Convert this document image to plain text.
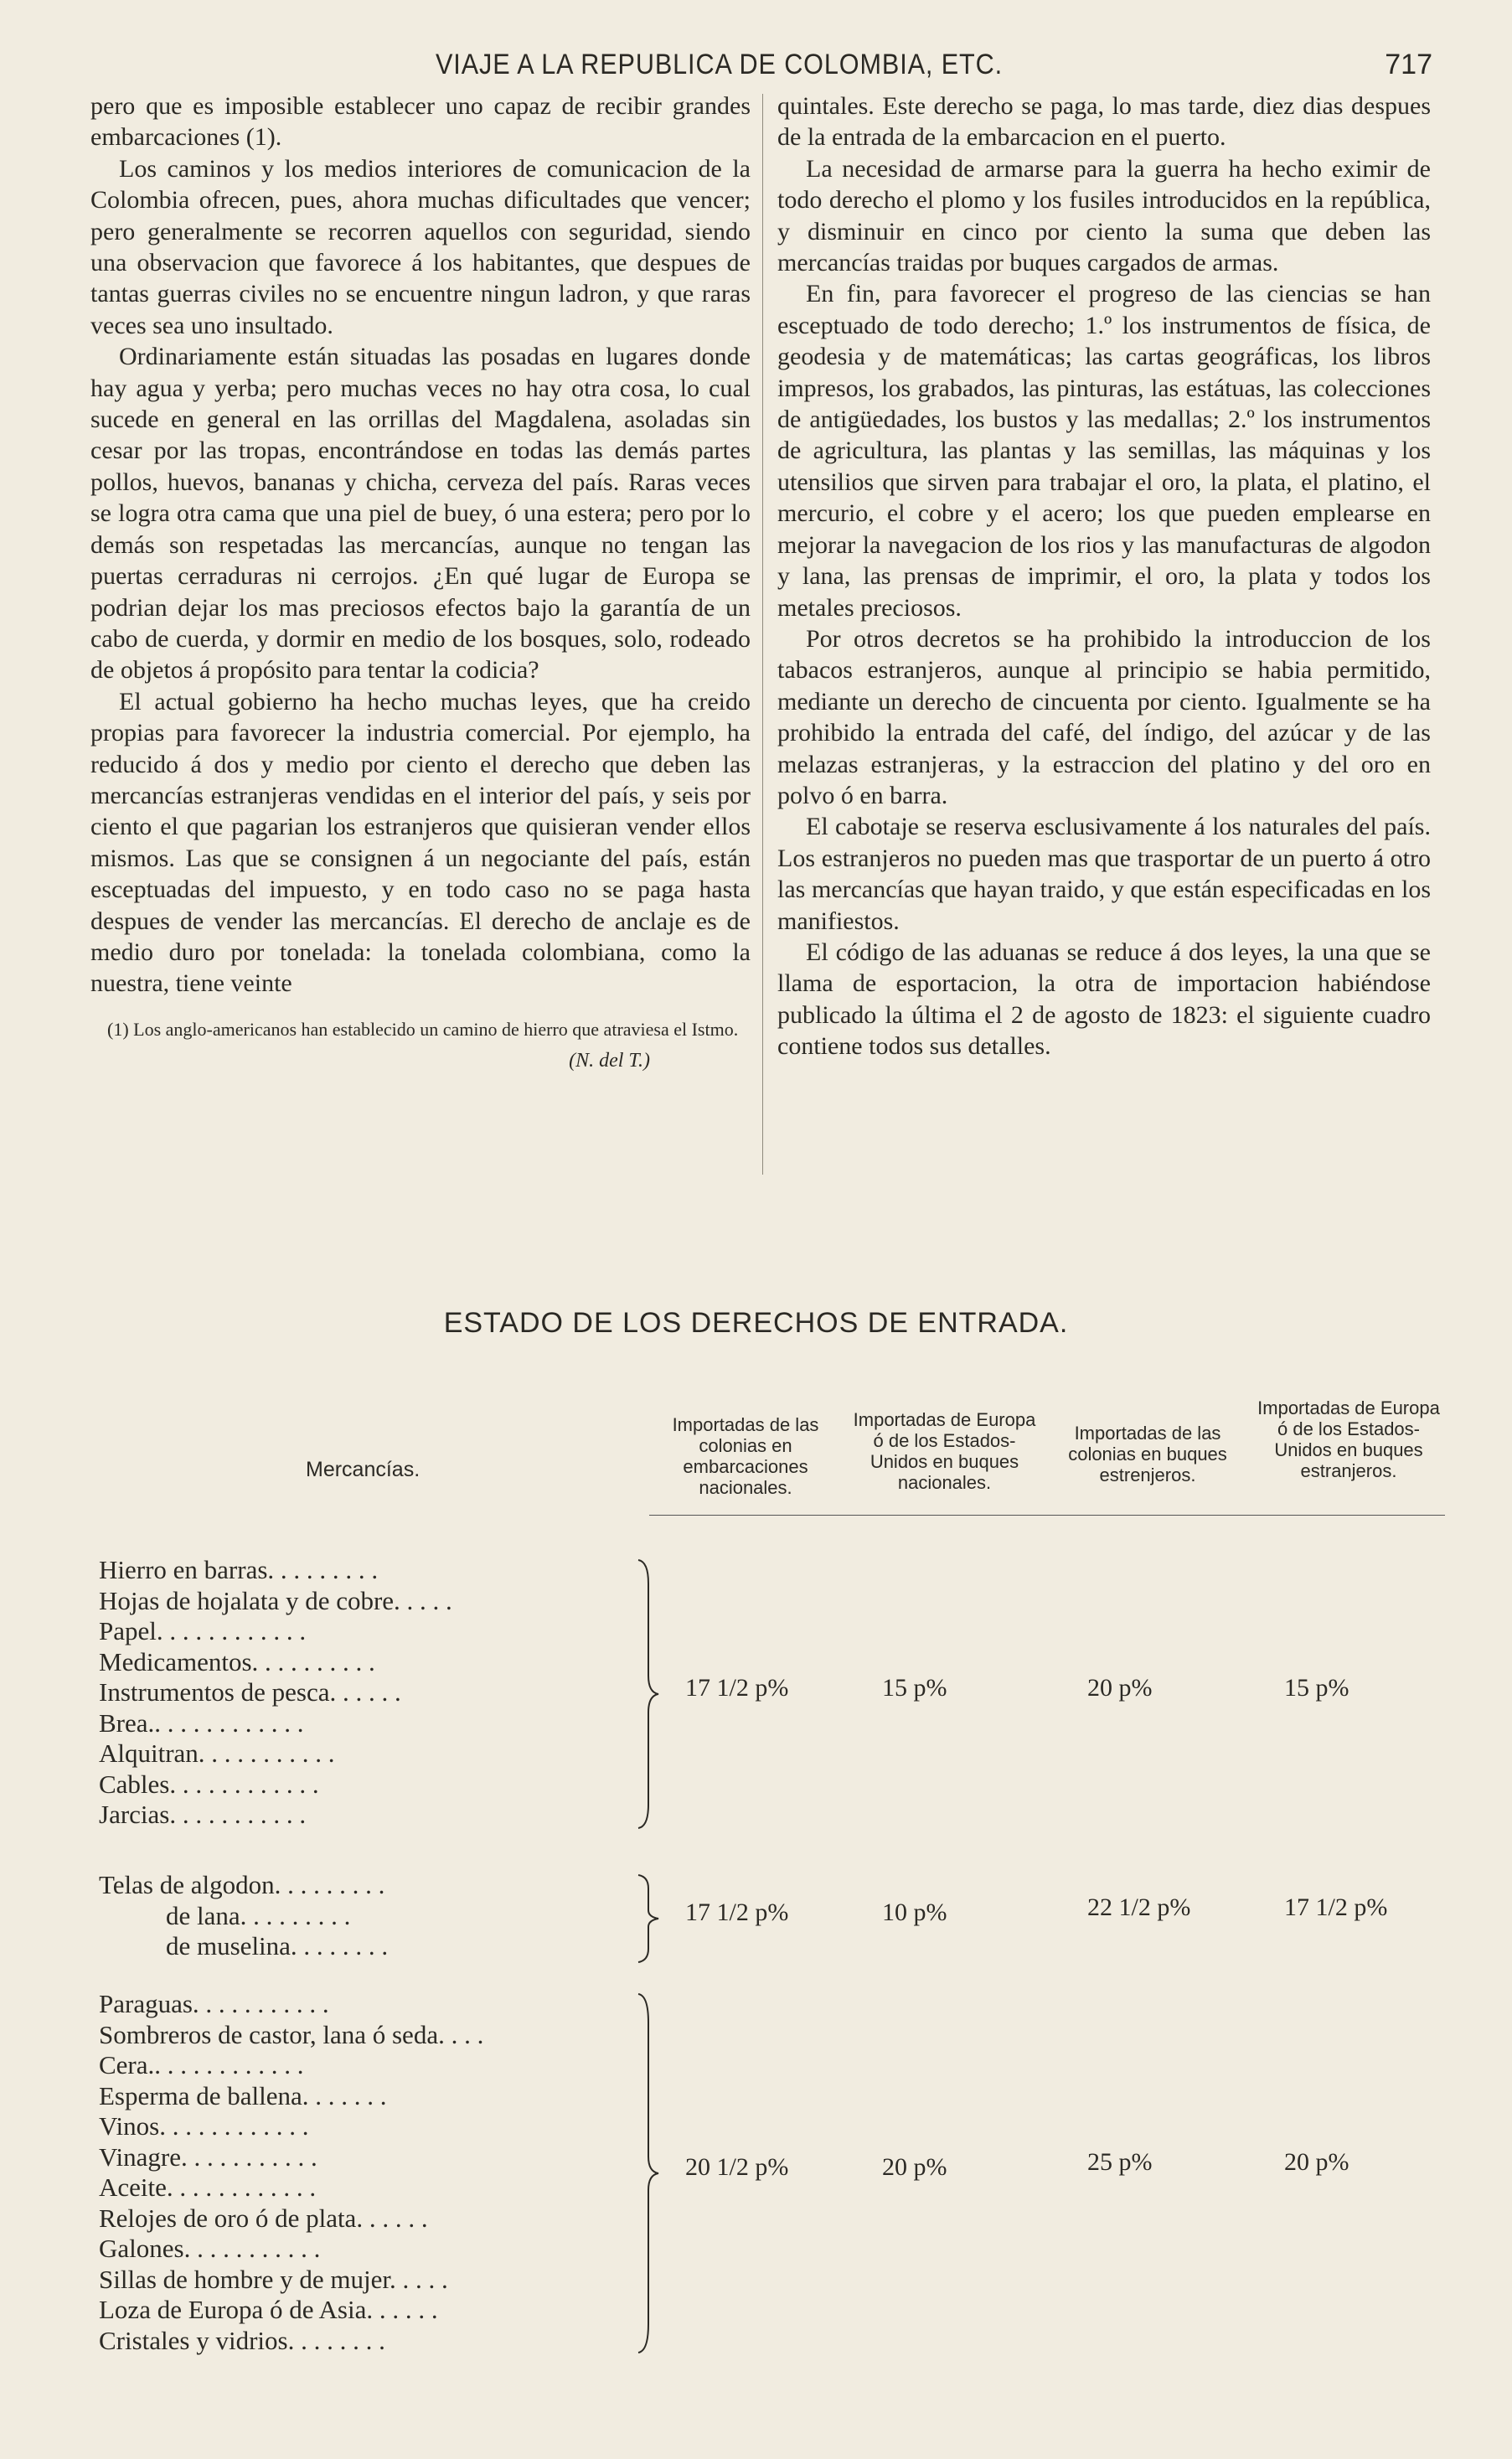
VIAJE A LA REPUBLICA DE COLOMBIA, ETC.	717

pero que es imposible establecer uno capaz de recibir grandes embarcaciones (1).

Los caminos y los medios interiores de comunicacion de la Colombia ofrecen, pues, ahora muchas dificultades que vencer; pero generalmente se recorren aquellos con seguridad, siendo una observacion que favorece á los habitantes, que despues de tantas guerras civiles no se encuentre ningun ladron, y que raras veces sea uno insultado.

Ordinariamente están situadas las posadas en lugares donde hay agua y yerba; pero muchas veces no hay otra cosa, lo cual sucede en general en las orrillas del Magdalena, asoladas sin cesar por las tropas, encontrándose en todas las demás partes pollos, huevos, bananas y chicha, cerveza del país. Raras veces se logra otra cama que una piel de buey, ó una estera; pero por lo demás son respetadas las mercancías, aunque no tengan las puertas cerraduras ni cerrojos. ¿En qué lugar de Europa se podrian dejar los mas preciosos efectos bajo la garantía de un cabo de cuerda, y dormir en medio de los bosques, solo, rodeado de objetos á propósito para tentar la codicia?

El actual gobierno ha hecho muchas leyes, que ha creido propias para favorecer la industria comercial. Por ejemplo, ha reducido á dos y medio por ciento el derecho que deben las mercancías estranjeras vendidas en el interior del país, y seis por ciento el que pagarian los estranjeros que quisieran vender ellos mismos. Las que se consignen á un negociante del país, están esceptuadas del impuesto, y en todo caso no se paga hasta despues de vender las mercancías. El derecho de anclaje es de medio duro por tonelada: la tonelada colombiana, como la nuestra, tiene veinte

(1) Los anglo-americanos han establecido un camino de hierro que atraviesa el Istmo.

(N. del T.)

quintales. Este derecho se paga, lo mas tarde, diez dias despues de la entrada de la embarcacion en el puerto.

La necesidad de armarse para la guerra ha hecho eximir de todo derecho el plomo y los fusiles introducidos en la república, y disminuir en cinco por ciento la suma que deben las mercancías traidas por buques cargados de armas.

En fin, para favorecer el progreso de las ciencias se han esceptuado de todo derecho; 1.º los instrumentos de física, de geodesia y de matemáticas; las cartas geográficas, los libros impresos, los grabados, las pinturas, las estátuas, las colecciones de antigüedades, los bustos y las medallas; 2.º los instrumentos de agricultura, las plantas y las semillas, las máquinas y los utensilios que sirven para trabajar el oro, la plata, el platino, el mercurio, el cobre y el acero; los que pueden emplearse en mejorar la navegacion de los rios y las manufacturas de algodon y lana, las prensas de imprimir, el oro, la plata y todos los metales preciosos.

Por otros decretos se ha prohibido la introduccion de los tabacos estranjeros, aunque al principio se habia permitido, mediante un derecho de cincuenta por ciento. Igualmente se ha prohibido la entrada del café, del índigo, del azúcar y de las melazas estranjeras, y la estraccion del platino y del oro en polvo ó en barra.

El cabotaje se reserva esclusivamente á los naturales del país. Los estranjeros no pueden mas que trasportar de un puerto á otro las mercancías que hayan traido, y que están especificadas en los manifiestos.

El código de las aduanas se reduce á dos leyes, la una que se llama de esportacion, la otra de importacion habiéndose publicado la última el 2 de agosto de 1823: el siguiente cuadro contiene todos sus detalles.

ESTADO DE LOS DERECHOS DE ENTRADA.
Mercancías.
Importadas de las colonias en embarcaciones nacionales.
Importadas de Europa ó de los Estados-Unidos en buques nacionales.
Importadas de las colonias en buques estrenjeros.
Importadas de Europa ó de los Estados-Unidos en buques estranjeros.
Hierro en barras. . . . . . . . .
Hojas de hojalata y de cobre. . . . .
Papel. . . . . . . . . . . .
Medicamentos. . . . . . . . . .
Instrumentos de pesca. . . . . .
Brea.. . . . . . . . . . . .
Alquitran. . . . . . . . . . .
Cables. . . . . . . . . . . .
Jarcias. . . . . . . . . . .
17 1/2 p%	15 p%	20 p%	15 p%
Telas de algodon. . . . . . . . .
de lana. . . . . . . . .
de muselina. . . . . . . .
17 1/2 p%	10 p%	22 1/2 p%	17 1/2 p%
Paraguas. . . . . . . . . . .
Sombreros de castor, lana ó seda. . . .
Cera.. . . . . . . . . . . .
Esperma de ballena. . . . . . .
Vinos. . . . . . . . . . . .
Vinagre. . . . . . . . . . .
Aceite. . . . . . . . . . . .
Relojes de oro ó de plata. . . . . .
Galones. . . . . . . . . . .
Sillas de hombre y de mujer. . . . .
Loza de Europa ó de Asia. . . . . .
Cristales y vidrios. . . . . . . .
20 1/2 p%	20 p%	25 p%	20 p%
